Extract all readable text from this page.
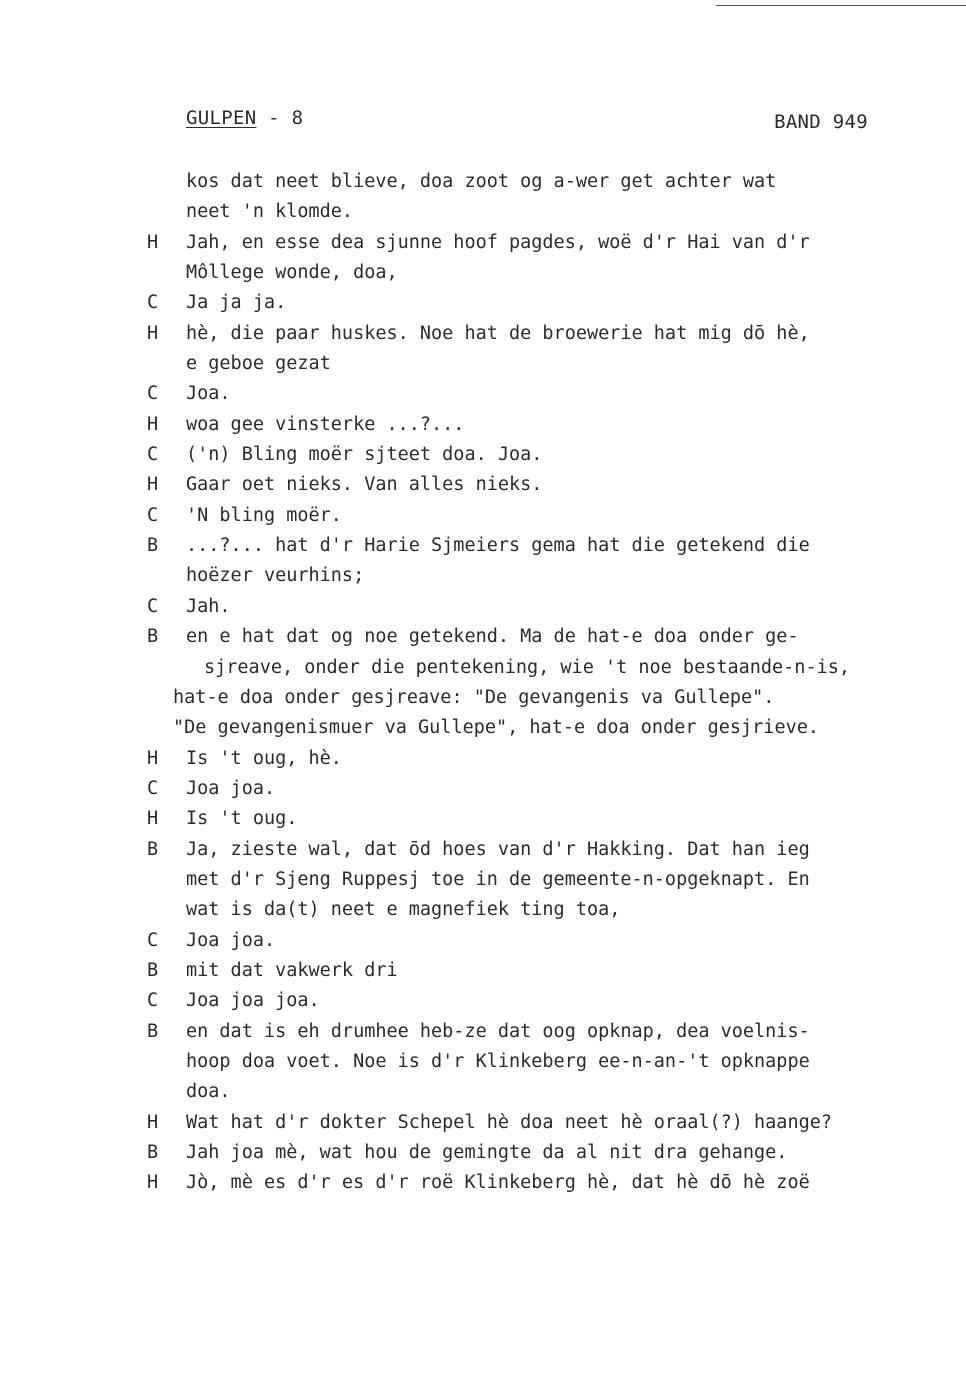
GULPEN - 8	BAND 949
kos dat neet blieve, doa zoot og a-wer get achter wat
neet 'n klomde.
H	Jah, en esse dea sjunne hoof pagdes, woë d'r Hai van d'r
Môllege wonde, doa,
C	Ja ja ja.
H	hè, die paar huskes. Noe hat de broewerie hat mig dō hè,
e geboe gezat
C	Joa.
H	woa gee vinsterke ...?...
C	('n) Bling moër sjteet doa. Joa.
H	Gaar oet nieks. Van alles nieks.
C	'N bling moër.
B	...?... hat d'r Harie Sjmeiers gema hat die getekend die
hoëzer veurhins;
C	Jah.
B	en e hat dat og noe getekend. Ma de hat-e doa onder ge-
sjreave, onder die pentekening, wie 't noe bestaande-n-is,
hat-e doa onder gesjreave: "De gevangenis va Gullepe".
"De gevangenismuer va Gullepe", hat-e doa onder gesjrieve.
H	Is 't oug, hè.
C	Joa joa.
H	Is 't oug.
B	Ja, zieste wal, dat ōd hoes van d'r Hakking. Dat han ieg
met d'r Sjeng Ruppesj toe in de gemeente-n-opgeknapt. En
wat is da(t) neet e magnefiek ting toa,
C	Joa joa.
B	mit dat vakwerk dri
C	Joa joa joa.
B	en dat is eh drumhee heb-ze dat oog opknap, dea voelnis-
hoop doa voet. Noe is d'r Klinkeberg ee-n-an-'t opknappe
doa.
H	Wat hat d'r dokter Schepel hè doa neet hè oraal(?) haange?
B	Jah joa mè, wat hou de gemingte da al nit dra gehange.
H	Jò, mè es d'r es d'r roë Klinkeberg hè, dat hè dō hè zoë
